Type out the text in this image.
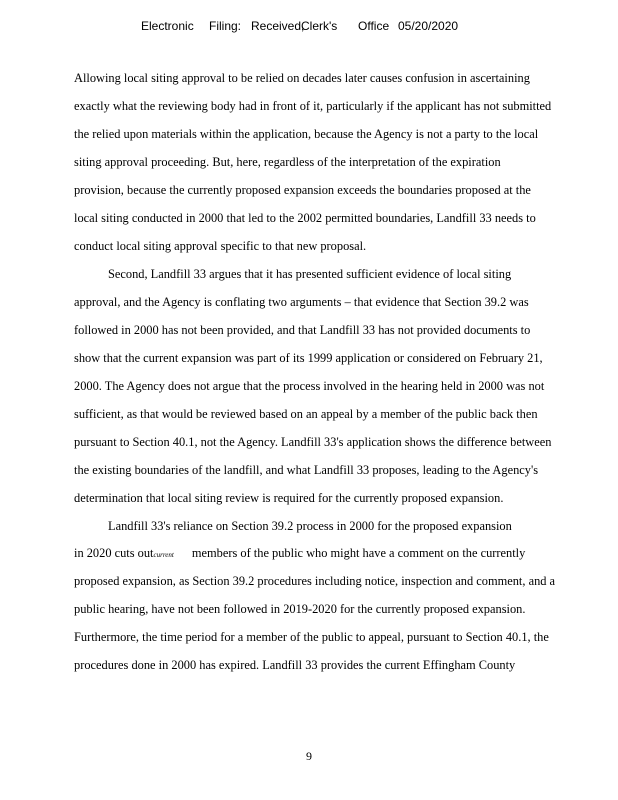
Electronic Filing: Received,
Clerk's Office 05/20/2020
Allowing local siting approval to be relied on decades later causes confusion in ascertaining
exactly what the reviewing body had in front of it, particularly if the applicant has not submitted
the relied upon materials within the application, because the Agency is not a party to the local
siting approval proceeding. But, here, regardless of the interpretation of the expiration
provision, because the currently proposed expansion exceeds the boundaries proposed at the
local siting conducted in 2000 that led to the 2002 permitted boundaries, Landfill 33 needs to
conduct local siting approval specific to that new proposal.
Second, Landfill 33 argues that it has presented sufficient evidence of local siting
approval, and the Agency is conflating two arguments – that evidence that Section 39.2 was
followed in 2000 has not been provided, and that Landfill 33 has not provided documents to
show that the current expansion was part of its 1999 application or considered on February 21,
2000. The Agency does not argue that the process involved in the hearing held in 2000 was not
sufficient, as that would be reviewed based on an appeal by a member of the public back then
pursuant to Section 40.1, not the Agency. Landfill 33's application shows the difference between
the existing boundaries of the landfill, and what Landfill 33 proposes, leading to the Agency's
determination that local siting review is required for the currently proposed expansion.
Landfill 33's reliance on Section 39.2 process in 2000 for the proposed expansion
in 2020 cuts outcurrent members of the public who might have a comment on the currently
proposed expansion, as Section 39.2 procedures including notice, inspection and comment, and a
public hearing, have not been followed in 2019-2020 for the currently proposed expansion.
Furthermore, the time period for a member of the public to appeal, pursuant to Section 40.1, the
procedures done in 2000 has expired. Landfill 33 provides the current Effingham County
9
